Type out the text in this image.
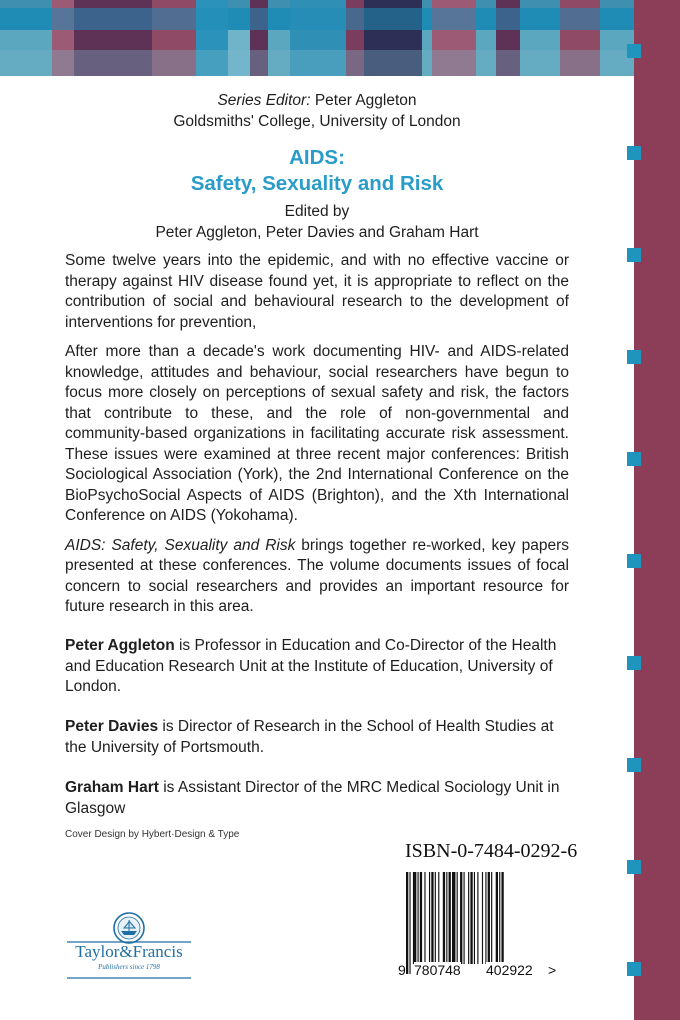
Series Editor: Peter Aggleton
Goldsmiths' College, University of London
AIDS:
Safety, Sexuality and Risk
Edited by
Peter Aggleton, Peter Davies and Graham Hart

Some twelve years into the epidemic, and with no effective vaccine or therapy against HIV disease found yet, it is appropriate to reflect on the contribution of social and behavioural research to the development of interventions for prevention,

After more than a decade's work documenting HIV- and AIDS-related knowledge, attitudes and behaviour, social researchers have begun to focus more closely on perceptions of sexual safety and risk, the factors that contribute to these, and the role of non-governmental and community-based organizations in facilitating accurate risk assessment. These issues were examined at three recent major conferences: British Sociological Association (York), the 2nd International Conference on the BioPsychoSocial Aspects of AIDS (Brighton), and the Xth International Conference on AIDS (Yokohama).

AIDS: Safety, Sexuality and Risk brings together re-worked, key papers presented at these conferences. The volume documents issues of focal concern to social researchers and provides an important resource for future research in this area.

Peter Aggleton is Professor in Education and Co-Director of the Health and Education Research Unit at the Institute of Education, University of London.
Peter Davies is Director of Research in the School of Health Studies at the University of Portsmouth.
Graham Hart is Assistant Director of the MRC Medical Sociology Unit in Glasgow
Cover Design by Hybert·Design & Type
ISBN-0-7484-0292-6
9 780748 402922 >
Taylor&Francis
Publishers since 1798
